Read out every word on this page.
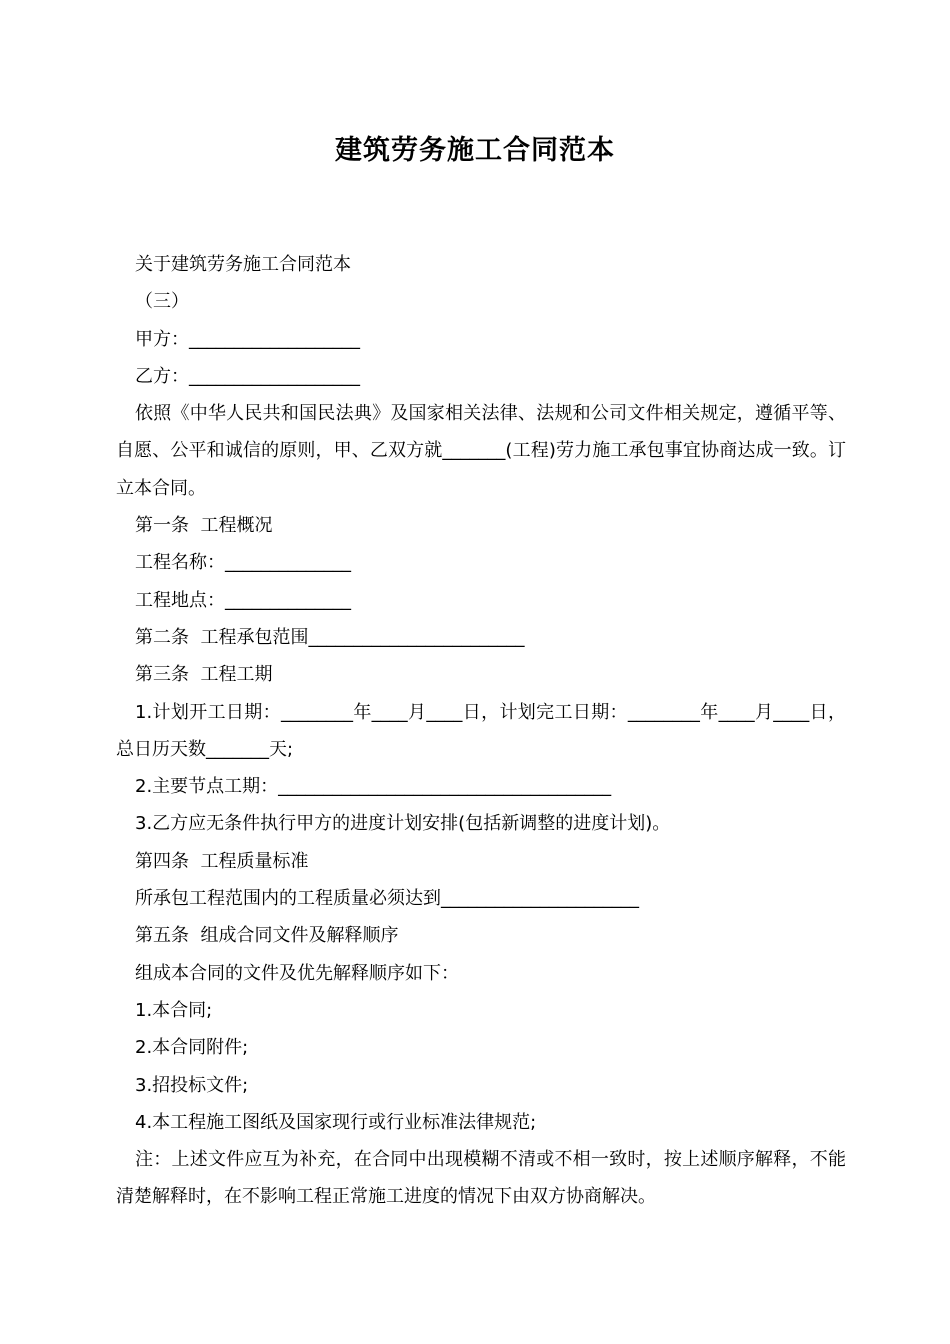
建筑劳务施工合同范本

关于建筑劳务施工合同范本

（三）

甲方：___________________

乙方：___________________

依照《中华人民共和国民法典》及国家相关法律、法规和公司文件相关规定，遵循平等、自愿、公平和诚信的原则，甲、乙双方就_______(工程)劳力施工承包事宜协商达成一致。订立本合同。

第一条  工程概况

工程名称：______________

工程地点：______________

第二条  工程承包范围________________________

第三条  工程工期

1.计划开工日期：________年____月____日，计划完工日期：________年____月____日，总日历天数_______天;

2.主要节点工期：_____________________________________

3.乙方应无条件执行甲方的进度计划安排(包括新调整的进度计划)。

第四条  工程质量标准

所承包工程范围内的工程质量必须达到______________________

第五条  组成合同文件及解释顺序

组成本合同的文件及优先解释顺序如下：

1.本合同;

2.本合同附件;

3.招投标文件;

4.本工程施工图纸及国家现行或行业标准法律规范;

注：上述文件应互为补充，在合同中出现模糊不清或不相一致时，按上述顺序解释，不能清楚解释时，在不影响工程正常施工进度的情况下由双方协商解决。
